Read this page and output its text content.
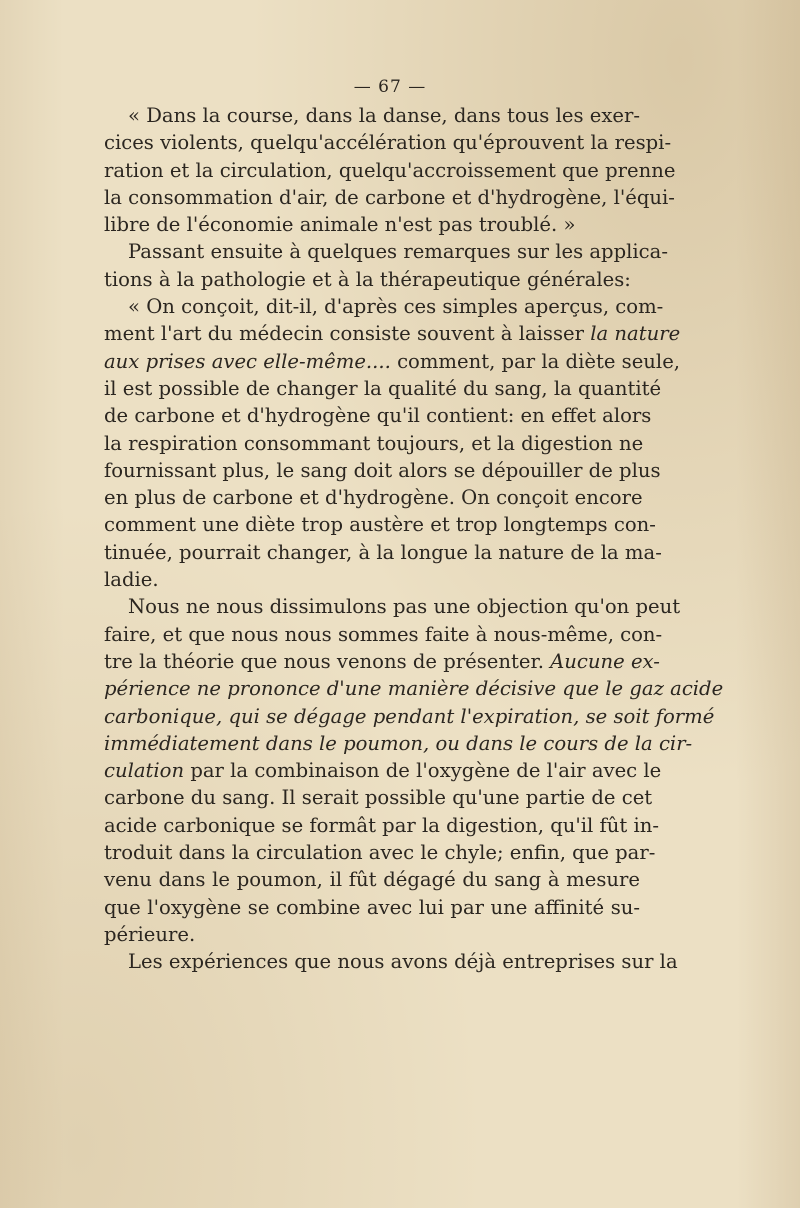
— 67 —
« Dans la course, dans la danse, dans tous les exer-
cices violents, quelqu'accélération qu'éprouvent la respi-
ration et la circulation, quelqu'accroissement que prenne
la consommation d'air, de carbone et d'hydrogène, l'équi-
libre de l'économie animale n'est pas troublé. »
Passant ensuite à quelques remarques sur les applica-
tions à la pathologie et à la thérapeutique générales:
« On conçoit, dit-il, d'après ces simples aperçus, com-
ment l'art du médecin consiste souvent à laisser la nature
aux prises avec elle-même.... comment, par la diète seule,
il est possible de changer la qualité du sang, la quantité
de carbone et d'hydrogène qu'il contient: en effet alors
la respiration consommant toujours, et la digestion ne
fournissant plus, le sang doit alors se dépouiller de plus
en plus de carbone et d'hydrogène. On conçoit encore
comment une diète trop austère et trop longtemps con-
tinuée, pourrait changer, à la longue la nature de la ma-
ladie.
Nous ne nous dissimulons pas une objection qu'on peut
faire, et que nous nous sommes faite à nous-même, con-
tre la théorie que nous venons de présenter. Aucune ex-
périence ne prononce d'une manière décisive que le gaz acide
carbonique, qui se dégage pendant l'expiration, se soit formé
immédiatement dans le poumon, ou dans le cours de la cir-
culation par la combinaison de l'oxygène de l'air avec le
carbone du sang. Il serait possible qu'une partie de cet
acide carbonique se formât par la digestion, qu'il fût in-
troduit dans la circulation avec le chyle; enfin, que par-
venu dans le poumon, il fût dégagé du sang à mesure
que l'oxygène se combine avec lui par une affinité su-
périeure.
Les expériences que nous avons déjà entreprises sur la
